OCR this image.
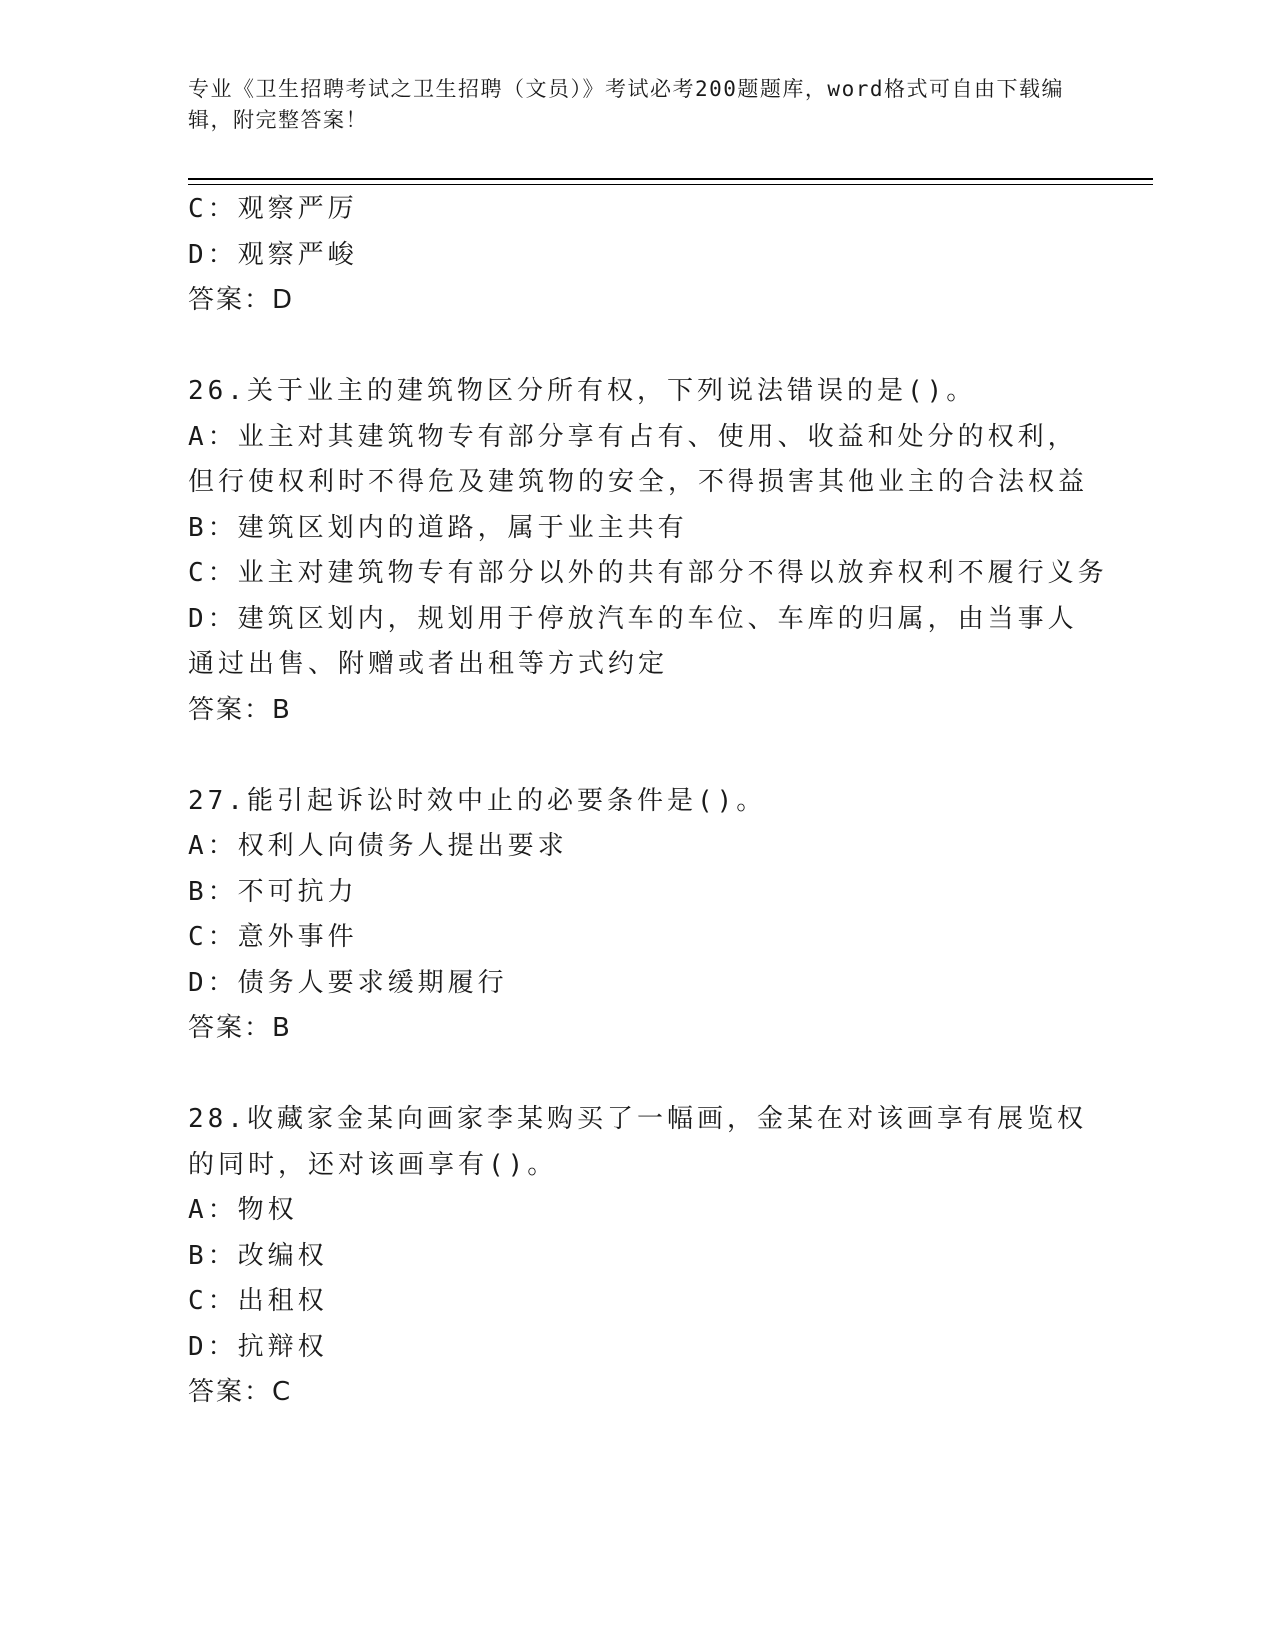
专业《卫生招聘考试之卫生招聘（文员）》考试必考200题题库，word格式可自由下载编辑，附完整答案！
C：观察严厉
D：观察严峻
答案：D
26.关于业主的建筑物区分所有权，下列说法错误的是()。
A：业主对其建筑物专有部分享有占有、使用、收益和处分的权利，但行使权利时不得危及建筑物的安全，不得损害其他业主的合法权益
B：建筑区划内的道路，属于业主共有
C：业主对建筑物专有部分以外的共有部分不得以放弃权利不履行义务
D：建筑区划内，规划用于停放汽车的车位、车库的归属，由当事人通过出售、附赠或者出租等方式约定
答案：B
27.能引起诉讼时效中止的必要条件是()。
A：权利人向债务人提出要求
B：不可抗力
C：意外事件
D：债务人要求缓期履行
答案：B
28.收藏家金某向画家李某购买了一幅画，金某在对该画享有展览权的同时，还对该画享有()。
A：物权
B：改编权
C：出租权
D：抗辩权
答案：C
